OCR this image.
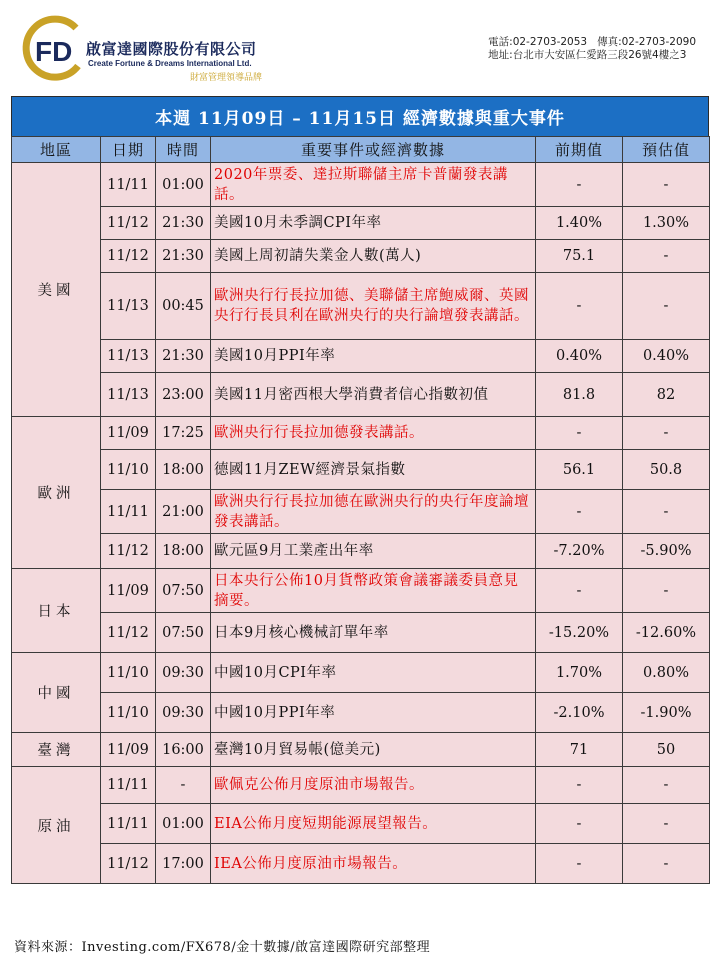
FD 啟富達國際股份有限公司
Create Fortune & Dreams International Ltd.
財富管理領導品牌
電話:02-2703-2053 傳真:02-2703-2090
地址:台北市大安區仁愛路三段26號4樓之3
本週 11月09日 – 11月15日 經濟數據與重大事件
地區	日期	時間	重要事件或經濟數據	前期值	預估值
美國	11/11	01:00	2020年票委、達拉斯聯儲主席卡普蘭發表講話。	-	-
	11/12	21:30	美國10月未季調CPI年率	1.40%	1.30%
	11/12	21:30	美國上周初請失業金人數(萬人)	75.1	-
	11/13	00:45	歐洲央行行長拉加德、美聯儲主席鮑威爾、英國央行行長貝利在歐洲央行的央行論壇發表講話。	-	-
	11/13	21:30	美國10月PPI年率	0.40%	0.40%
	11/13	23:00	美國11月密西根大學消費者信心指數初值	81.8	82
歐洲	11/09	17:25	歐洲央行行長拉加德發表講話。	-	-
	11/10	18:00	德國11月ZEW經濟景氣指數	56.1	50.8
	11/11	21:00	歐洲央行行長拉加德在歐洲央行的央行年度論壇發表講話。	-	-
	11/12	18:00	歐元區9月工業產出年率	-7.20%	-5.90%
日本	11/09	07:50	日本央行公佈10月貨幣政策會議審議委員意見摘要。	-	-
	11/12	07:50	日本9月核心機械訂單年率	-15.20%	-12.60%
中國	11/10	09:30	中國10月CPI年率	1.70%	0.80%
	11/10	09:30	中國10月PPI年率	-2.10%	-1.90%
臺灣	11/09	16:00	臺灣10月貿易帳(億美元)	71	50
原油	11/11	-	歐佩克公佈月度原油市場報告。	-	-
	11/11	01:00	EIA公佈月度短期能源展望報告。	-	-
	11/12	17:00	IEA公佈月度原油市場報告。	-	-
資料來源：Investing.com/FX678/金十數據/啟富達國際研究部整理
